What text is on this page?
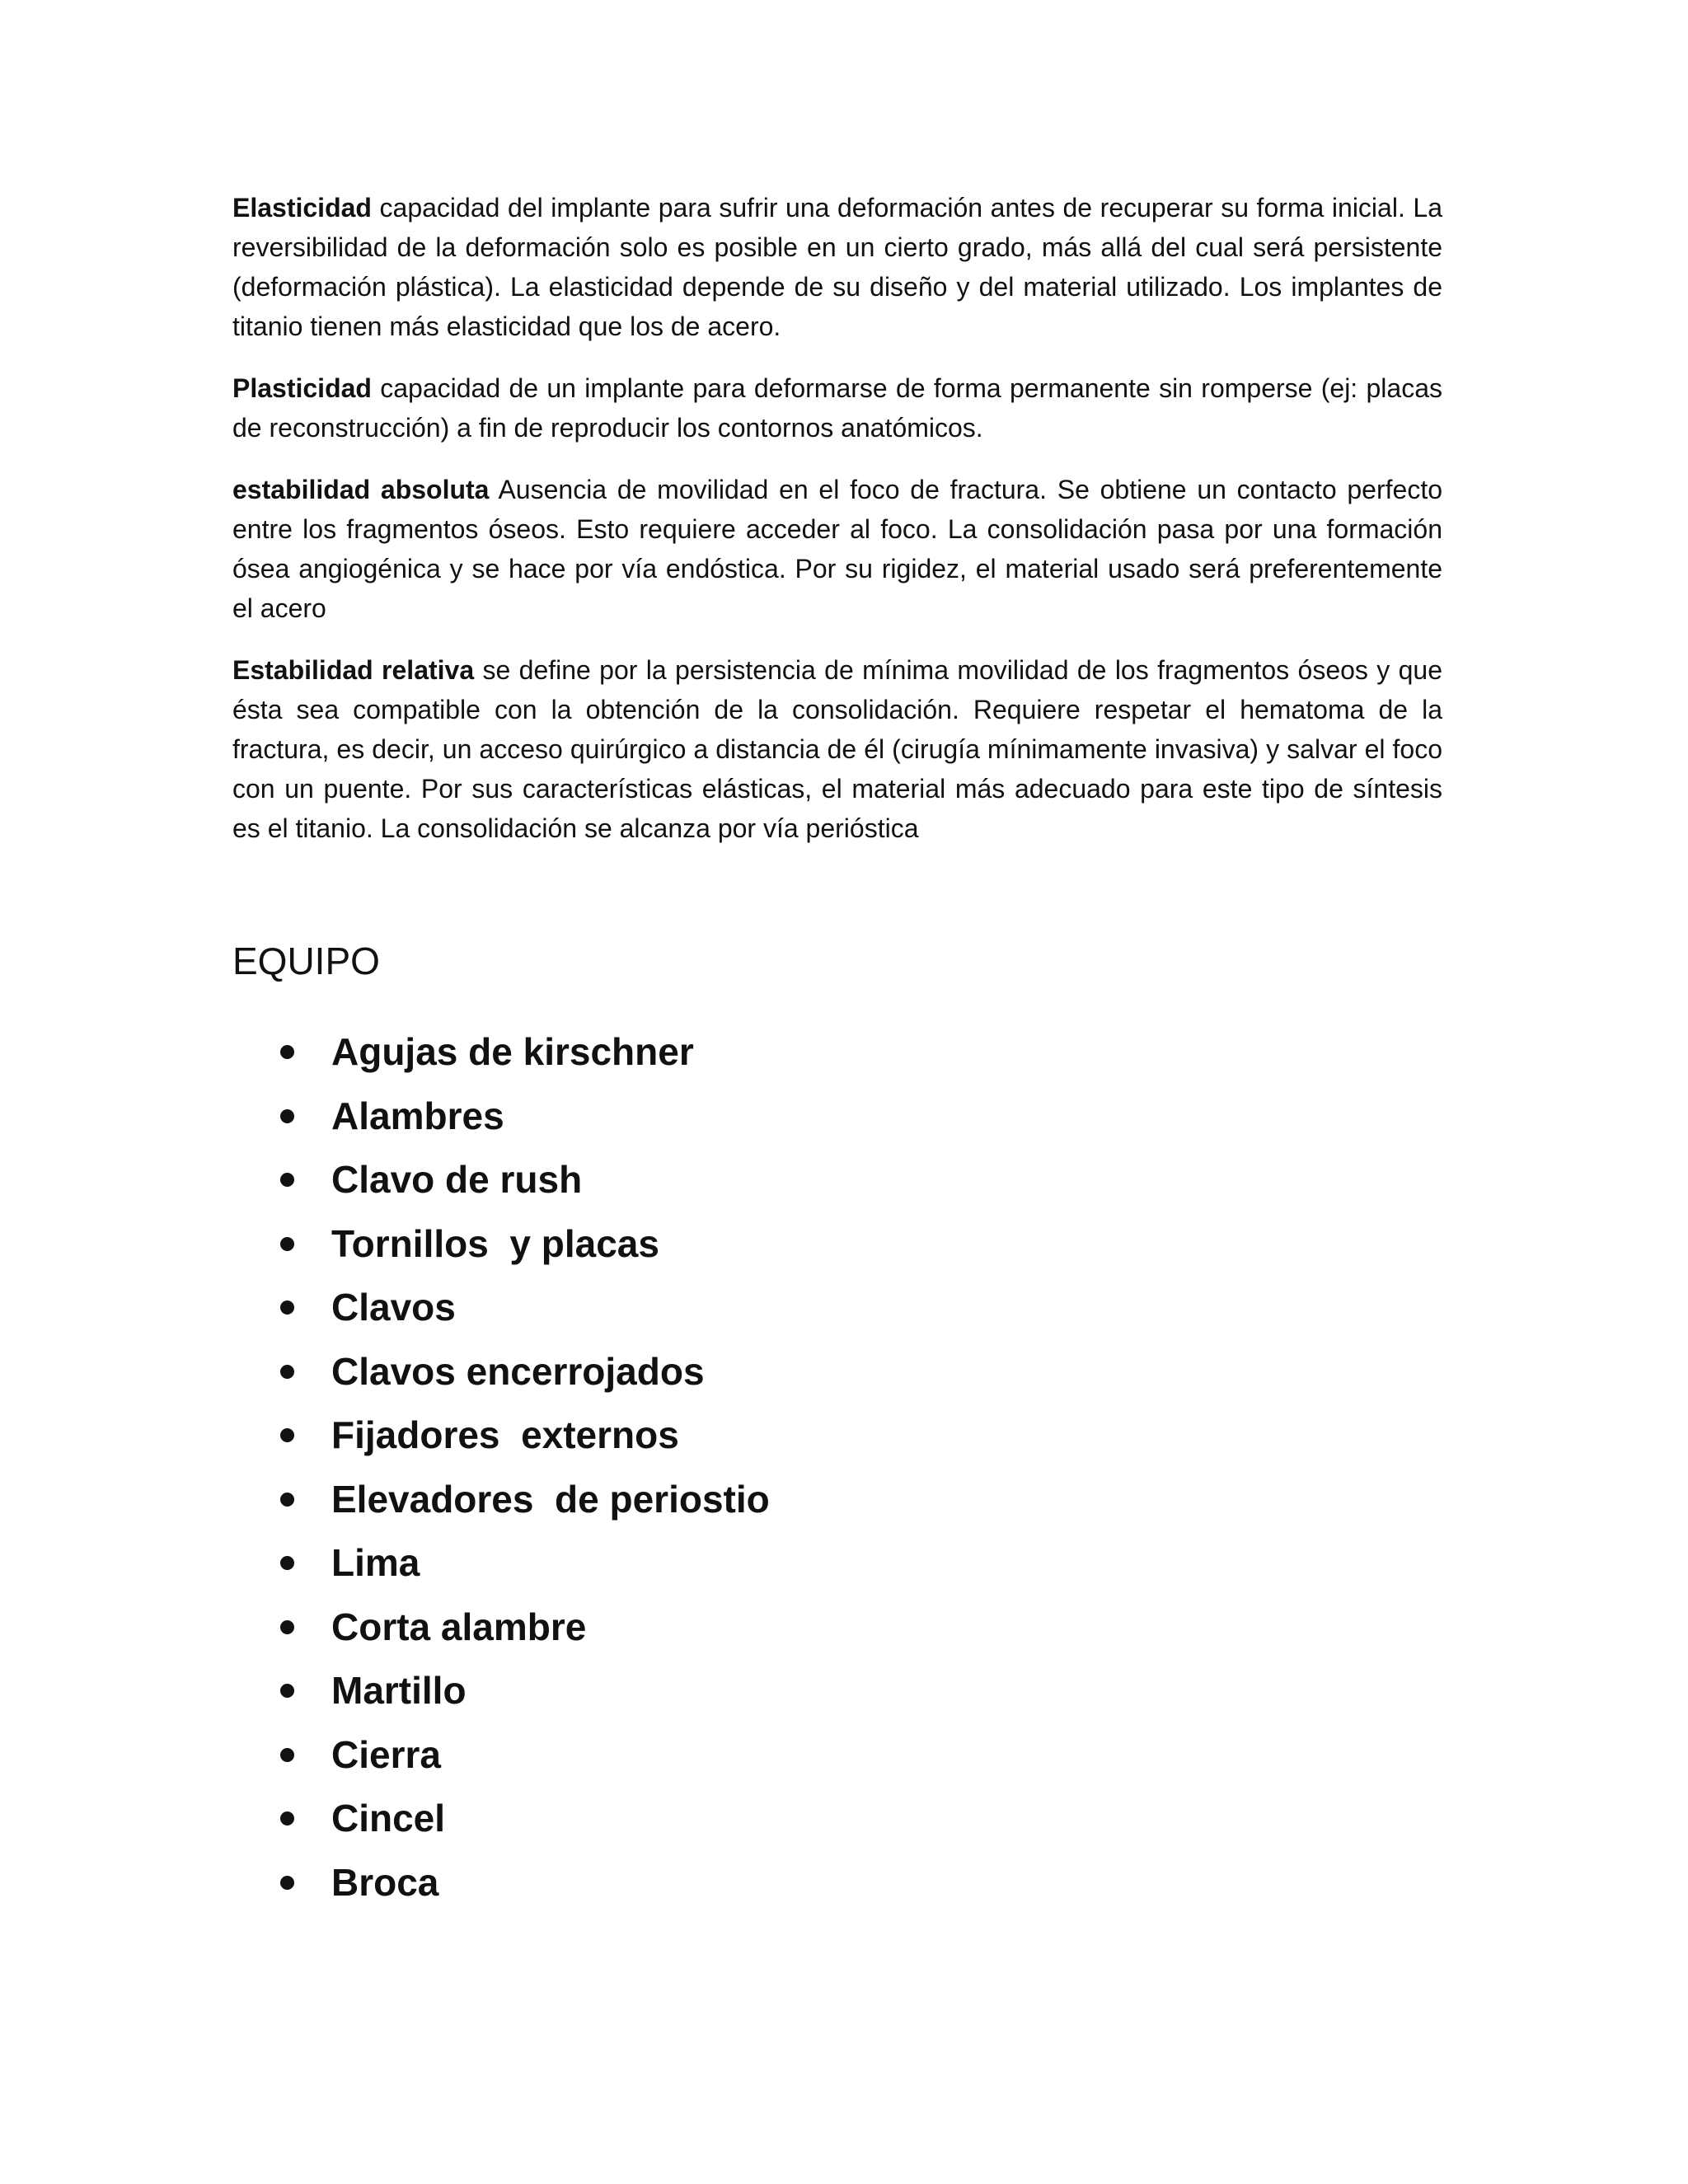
Elasticidad capacidad del implante para sufrir una deformación antes de recuperar su forma inicial. La reversibilidad de la deformación solo es posible en un cierto grado, más allá del cual será persistente (deformación plástica). La elasticidad depende de su diseño y del material utilizado. Los implantes de titanio tienen más elasticidad que los de acero.

Plasticidad capacidad de un implante para deformarse de forma permanente sin romperse (ej: placas de reconstrucción) a fin de reproducir los contornos anatómicos.

estabilidad absoluta Ausencia de movilidad en el foco de fractura. Se obtiene un contacto perfecto entre los fragmentos óseos. Esto requiere acceder al foco. La consolidación pasa por una formación ósea angiogénica y se hace por vía endóstica. Por su rigidez, el material usado será preferentemente el acero

Estabilidad relativa se define por la persistencia de mínima movilidad de los fragmentos óseos y que ésta sea compatible con la obtención de la consolidación. Requiere respetar el hematoma de la fractura, es decir, un acceso quirúrgico a distancia de él (cirugía mínimamente invasiva) y salvar el foco con un puente. Por sus características elásticas, el material más adecuado para este tipo de síntesis es el titanio. La consolidación se alcanza por vía perióstica

EQUIPO
Agujas de kirschner
Alambres
Clavo de rush
Tornillos  y placas
Clavos
Clavos encerrojados
Fijadores  externos
Elevadores  de periostio
Lima
Corta alambre
Martillo
Cierra
Cincel
Broca
